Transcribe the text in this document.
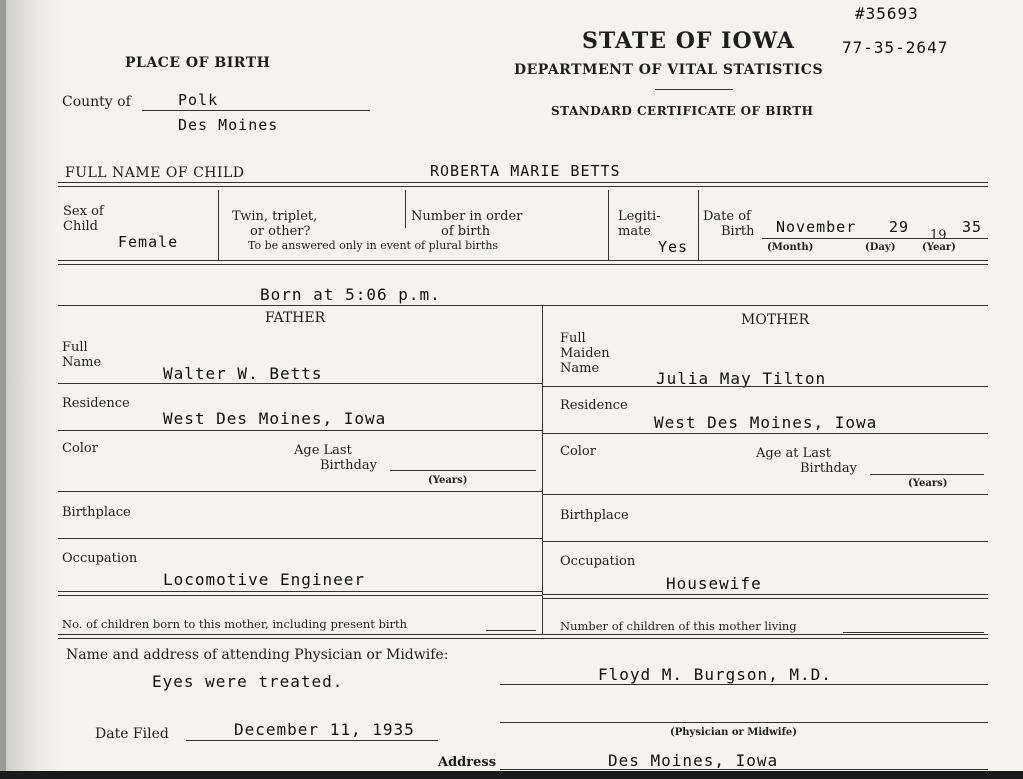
#35693
STATE OF IOWA	77-35-2647
DEPARTMENT OF VITAL STATISTICS
STANDARD CERTIFICATE OF BIRTH
PLACE OF BIRTH
County of	Polk
Des Moines
FULL NAME OF CHILD	ROBERTA MARIE BETTS
Sex of
Child
Female
Twin, triplet,
or other?
Number in order
of birth
To be answered only in event of plural births
Legiti-
mate
Yes
Date of
Birth November 29 19 35
(Month)	(Day)	(Year)
Born at 5:06 p.m.
FATHER
Full
Name
Walter W. Betts
Residence
West Des Moines, Iowa
Color	Age Last
Birthday
(Years)
Birthplace
Occupation
Locomotive Engineer
MOTHER
Full
Maiden
Name
Julia May Tilton
Residence
West Des Moines, Iowa
Color	Age at Last
Birthday
(Years)
Birthplace
Occupation
Housewife
No. of children born to this mother, including present birth	Number of children of this mother living
Name and address of attending Physician or Midwife:
Eyes were treated.	Floyd M. Burgson, M.D.
(Physician or Midwife)
Date Filed	December 11, 1935
Address	Des Moines, Iowa
